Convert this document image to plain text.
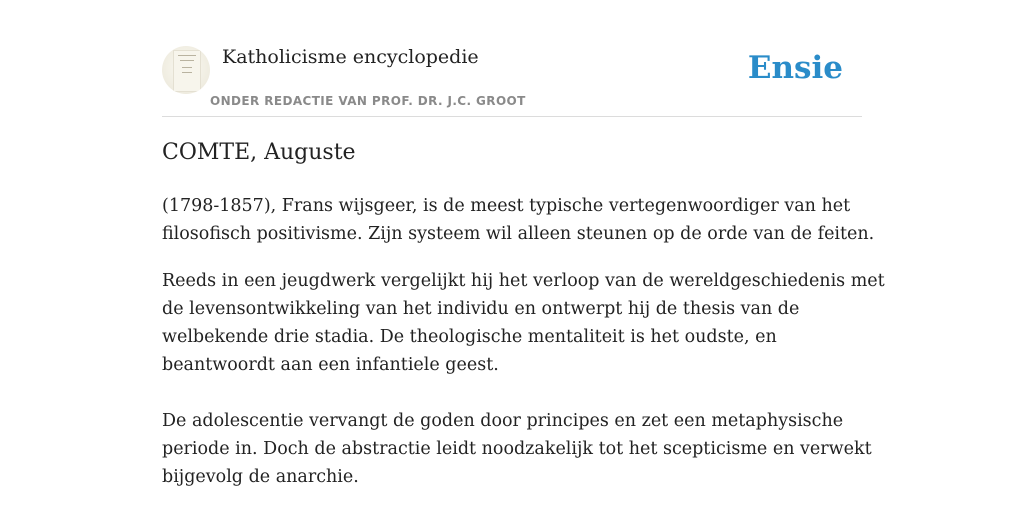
Katholicisme encyclopedie
ONDER REDACTIE VAN PROF. DR. J.C. GROOT
Ensie
COMTE, Auguste

(1798-1857), Frans wijsgeer, is de meest typische vertegenwoordiger van het
filosofisch positivisme. Zijn systeem wil alleen steunen op de orde van de feiten.

Reeds in een jeugdwerk vergelijkt hij het verloop van de wereldgeschiedenis met
de levensontwikkeling van het individu en ontwerpt hij de thesis van de
welbekende drie stadia. De theologische mentaliteit is het oudste, en
beantwoordt aan een infantiele geest.

De adolescentie vervangt de goden door principes en zet een metaphysische
periode in. Doch de abstractie leidt noodzakelijk tot het scepticisme en verwekt
bijgevolg de anarchie.
